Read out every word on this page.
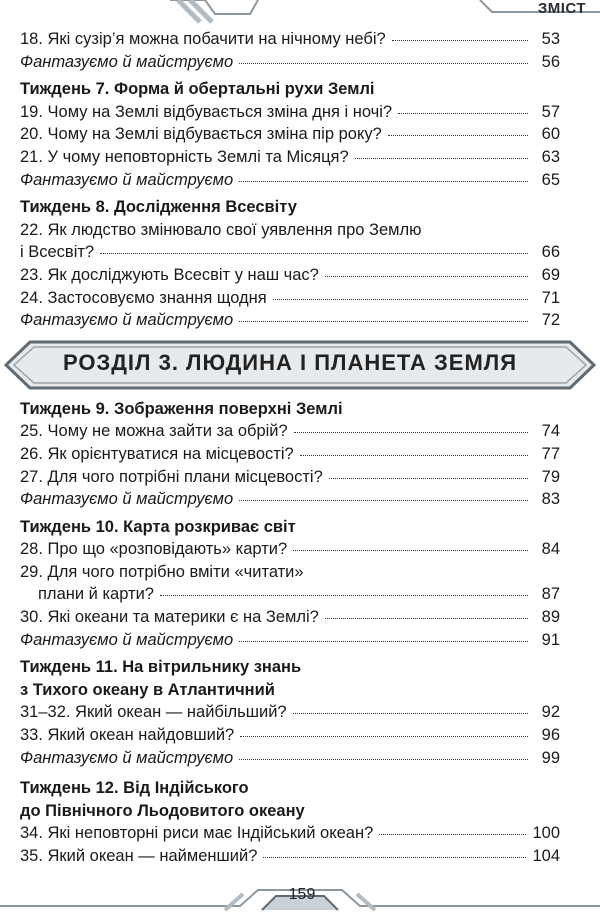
ЗМІСТ
18. Які сузір’я можна побачити на нічному небі?	53
Фантазуємо й майструємо	56
Тиждень 7. Форма й обертальні рухи Землі
19. Чому на Землі відбувається зміна дня і ночі?	57
20. Чому на Землі відбувається зміна пір року?	60
21. У чому неповторність Землі та Місяця?	63
Фантазуємо й майструємо	65
Тиждень 8. Дослідження Всесвіту
22. Як людство змінювало свої уявлення про Землю
і Всесвіт?	66
23. Як досліджують Всесвіт у наш час?	69
24. Застосовуємо знання щодня	71
Фантазуємо й майструємо	72
РОЗДІЛ 3. ЛЮДИНА І ПЛАНЕТА ЗЕМЛЯ
Тиждень 9. Зображення поверхні Землі
25. Чому не можна зайти за обрій?	74
26. Як орієнтуватися на місцевості?	77
27. Для чого потрібні плани місцевості?	79
Фантазуємо й майструємо	83
Тиждень 10. Карта розкриває світ
28. Про що «розповідають» карти?	84
29. Для чого потрібно вміти «читати»
плани й карти?	87
30. Які океани та материки є на Землі?	89
Фантазуємо й майструємо	91
Тиждень 11. На вітрильнику знань
з Тихого океану в Атлантичний
31–32. Який океан — найбільший?	92
33. Який океан найдовший?	96
Фантазуємо й майструємо	99
Тиждень 12. Від Індійського
до Північного Льодовитого океану
34. Які неповторні риси має Індійський океан?	100
35. Який океан — найменший?	104
159
